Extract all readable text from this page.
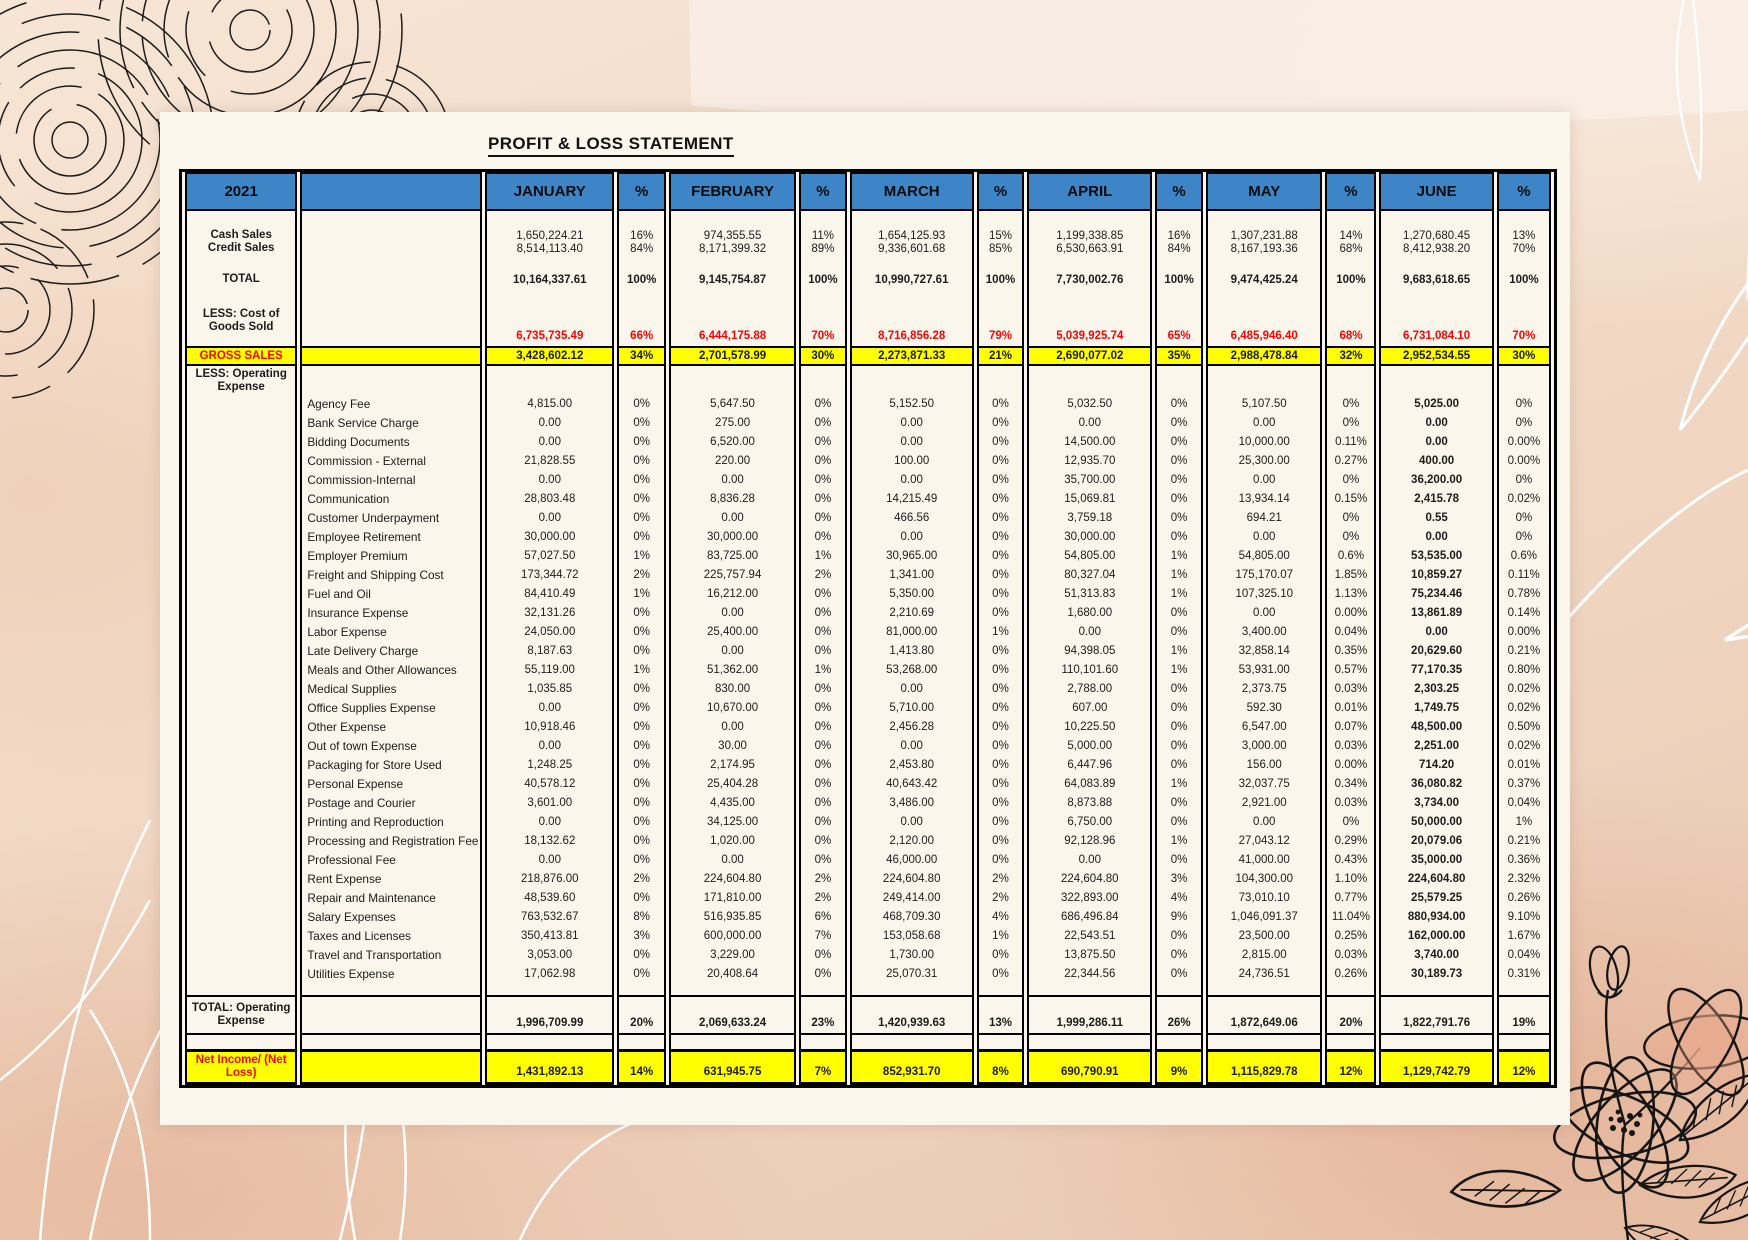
PROFIT & LOSS STATEMENT
2021		JANUARY	%	FEBRUARY	%	MARCH	%	APRIL	%	MAY	%	JUNE	%

Cash Sales		1,650,224.21	16%	974,355.55	11%	1,654,125.93	15%	1,199,338.85	16%	1,307,231.88	14%	1,270,680.45	13%
Credit Sales		8,514,113.40	84%	8,171,399.32	89%	9,336,601.68	85%	6,530,663.91	84%	8,167,193.36	68%	8,412,938.20	70%

TOTAL		10,164,337.61	100%	9,145,754.87	100%	10,990,727.61	100%	7,730,002.76	100%	9,474,425.24	100%	9,683,618.65	100%

LESS: Cost of Goods Sold		6,735,735.49	66%	6,444,175.88	70%	8,716,856.28	79%	5,039,925.74	65%	6,485,946.40	68%	6,731,084.10	70%
GROSS SALES		3,428,602.12	34%	2,701,578.99	30%	2,273,871.33	21%	2,690,077.02	35%	2,988,478.84	32%	2,952,534.55	30%
LESS: Operating Expense													
	Agency Fee	4,815.00	0%	5,647.50	0%	5,152.50	0%	5,032.50	0%	5,107.50	0%	5,025.00	0%
	Bank Service Charge	0.00	0%	275.00	0%	0.00	0%	0.00	0%	0.00	0%	0.00	0%
	Bidding Documents	0.00	0%	6,520.00	0%	0.00	0%	14,500.00	0%	10,000.00	0.11%	0.00	0.00%
	Commission - External	21,828.55	0%	220.00	0%	100.00	0%	12,935.70	0%	25,300.00	0.27%	400.00	0.00%
	Commission-Internal	0.00	0%	0.00	0%	0.00	0%	35,700.00	0%	0.00	0%	36,200.00	0%
	Communication	28,803.48	0%	8,836.28	0%	14,215.49	0%	15,069.81	0%	13,934.14	0.15%	2,415.78	0.02%
	Customer Underpayment	0.00	0%	0.00	0%	466.56	0%	3,759.18	0%	694.21	0%	0.55	0%
	Employee Retirement	30,000.00	0%	30,000.00	0%	0.00	0%	30,000.00	0%	0.00	0%	0.00	0%
	Employer Premium	57,027.50	1%	83,725.00	1%	30,965.00	0%	54,805.00	1%	54,805.00	0.6%	53,535.00	0.6%
	Freight and Shipping Cost	173,344.72	2%	225,757.94	2%	1,341.00	0%	80,327.04	1%	175,170.07	1.85%	10,859.27	0.11%
	Fuel and Oil	84,410.49	1%	16,212.00	0%	5,350.00	0%	51,313.83	1%	107,325.10	1.13%	75,234.46	0.78%
	Insurance Expense	32,131.26	0%	0.00	0%	2,210.69	0%	1,680.00	0%	0.00	0.00%	13,861.89	0.14%
	Labor Expense	24,050.00	0%	25,400.00	0%	81,000.00	1%	0.00	0%	3,400.00	0.04%	0.00	0.00%
	Late Delivery Charge	8,187.63	0%	0.00	0%	1,413.80	0%	94,398.05	1%	32,858.14	0.35%	20,629.60	0.21%
	Meals and Other Allowances	55,119.00	1%	51,362.00	1%	53,268.00	0%	110,101.60	1%	53,931.00	0.57%	77,170.35	0.80%
	Medical Supplies	1,035.85	0%	830.00	0%	0.00	0%	2,788.00	0%	2,373.75	0.03%	2,303.25	0.02%
	Office Supplies Expense	0.00	0%	10,670.00	0%	5,710.00	0%	607.00	0%	592.30	0.01%	1,749.75	0.02%
	Other Expense	10,918.46	0%	0.00	0%	2,456.28	0%	10,225.50	0%	6,547.00	0.07%	48,500.00	0.50%
	Out of town Expense	0.00	0%	30.00	0%	0.00	0%	5,000.00	0%	3,000.00	0.03%	2,251.00	0.02%
	Packaging for Store Used	1,248.25	0%	2,174.95	0%	2,453.80	0%	6,447.96	0%	156.00	0.00%	714.20	0.01%
	Personal Expense	40,578.12	0%	25,404.28	0%	40,643.42	0%	64,083.89	1%	32,037.75	0.34%	36,080.82	0.37%
	Postage and Courier	3,601.00	0%	4,435.00	0%	3,486.00	0%	8,873.88	0%	2,921.00	0.03%	3,734.00	0.04%
	Printing and Reproduction	0.00	0%	34,125.00	0%	0.00	0%	6,750.00	0%	0.00	0%	50,000.00	1%
	Processing and Registration Fee	18,132.62	0%	1,020.00	0%	2,120.00	0%	92,128.96	1%	27,043.12	0.29%	20,079.06	0.21%
	Professional Fee	0.00	0%	0.00	0%	46,000.00	0%	0.00	0%	41,000.00	0.43%	35,000.00	0.36%
	Rent Expense	218,876.00	2%	224,604.80	2%	224,604.80	2%	224,604.80	3%	104,300.00	1.10%	224,604.80	2.32%
	Repair and Maintenance	48,539.60	0%	171,810.00	2%	249,414.00	2%	322,893.00	4%	73,010.10	0.77%	25,579.25	0.26%
	Salary Expenses	763,532.67	8%	516,935.85	6%	468,709.30	4%	686,496.84	9%	1,046,091.37	11.04%	880,934.00	9.10%
	Taxes and Licenses	350,413.81	3%	600,000.00	7%	153,058.68	1%	22,543.51	0%	23,500.00	0.25%	162,000.00	1.67%
	Travel and Transportation	3,053.00	0%	3,229.00	0%	1,730.00	0%	13,875.50	0%	2,815.00	0.03%	3,740.00	0.04%
	Utilities Expense	17,062.98	0%	20,408.64	0%	25,070.31	0%	22,344.56	0%	24,736.51	0.26%	30,189.73	0.31%

TOTAL: Operating Expense		1,996,709.99	20%	2,069,633.24	23%	1,420,939.63	13%	1,999,286.11	26%	1,872,649.06	20%	1,822,791.76	19%

Net Income/ (Net Loss)		1,431,892.13	14%	631,945.75	7%	852,931.70	8%	690,790.91	9%	1,115,829.78	12%	1,129,742.79	12%
